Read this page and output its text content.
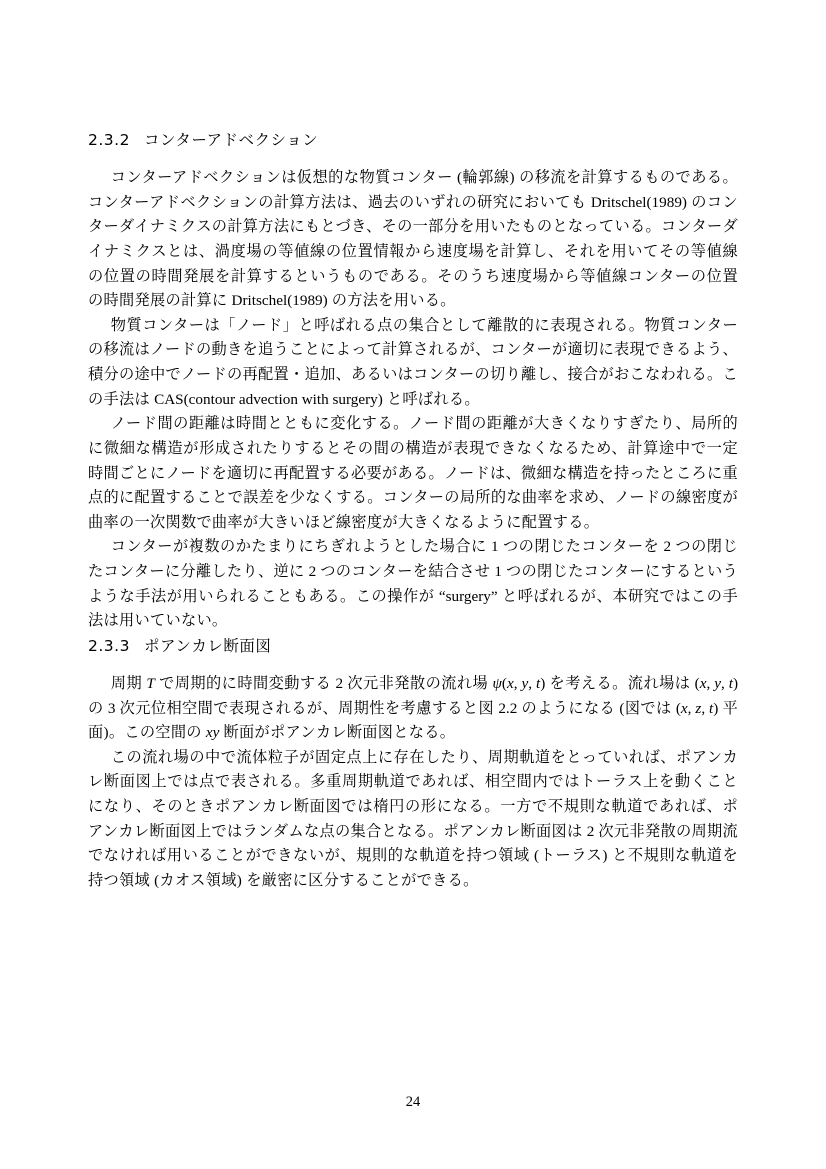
2.3.2 コンターアドベクション

コンターアドベクションは仮想的な物質コンター (輪郭線) の移流を計算するものである。コンターアドベクションの計算方法は、過去のいずれの研究においても Dritschel(1989) のコンターダイナミクスの計算方法にもとづき、その一部分を用いたものとなっている。コンターダイナミクスとは、渦度場の等値線の位置情報から速度場を計算し、それを用いてその等値線の位置の時間発展を計算するというものである。そのうち速度場から等値線コンターの位置の時間発展の計算に Dritschel(1989) の方法を用いる。

物質コンターは「ノード」と呼ばれる点の集合として離散的に表現される。物質コンターの移流はノードの動きを追うことによって計算されるが、コンターが適切に表現できるよう、積分の途中でノードの再配置・追加、あるいはコンターの切り離し、接合がおこなわれる。この手法は CAS(contour advection with surgery) と呼ばれる。

ノード間の距離は時間とともに変化する。ノード間の距離が大きくなりすぎたり、局所的に微細な構造が形成されたりするとその間の構造が表現できなくなるため、計算途中で一定時間ごとにノードを適切に再配置する必要がある。ノードは、微細な構造を持ったところに重点的に配置することで誤差を少なくする。コンターの局所的な曲率を求め、ノードの線密度が曲率の一次関数で曲率が大きいほど線密度が大きくなるように配置する。

コンターが複数のかたまりにちぎれようとした場合に 1 つの閉じたコンターを 2 つの閉じたコンターに分離したり、逆に 2 つのコンターを結合させ 1 つの閉じたコンターにするというような手法が用いられることもある。この操作が “surgery” と呼ばれるが、本研究ではこの手法は用いていない。

2.3.3 ポアンカレ断面図

周期 T で周期的に時間変動する 2 次元非発散の流れ場 ψ(x, y, t) を考える。流れ場は (x, y, t) の 3 次元位相空間で表現されるが、周期性を考慮すると図 2.2 のようになる (図では (x, z, t) 平面)。この空間の xy 断面がポアンカレ断面図となる。

この流れ場の中で流体粒子が固定点上に存在したり、周期軌道をとっていれば、ポアンカレ断面図上では点で表される。多重周期軌道であれば、相空間内ではトーラス上を動くことになり、そのときポアンカレ断面図では楕円の形になる。一方で不規則な軌道であれば、ポアンカレ断面図上ではランダムな点の集合となる。ポアンカレ断面図は 2 次元非発散の周期流でなければ用いることができないが、規則的な軌道を持つ領域 (トーラス) と不規則な軌道を持つ領域 (カオス領域) を厳密に区分することができる。

24
